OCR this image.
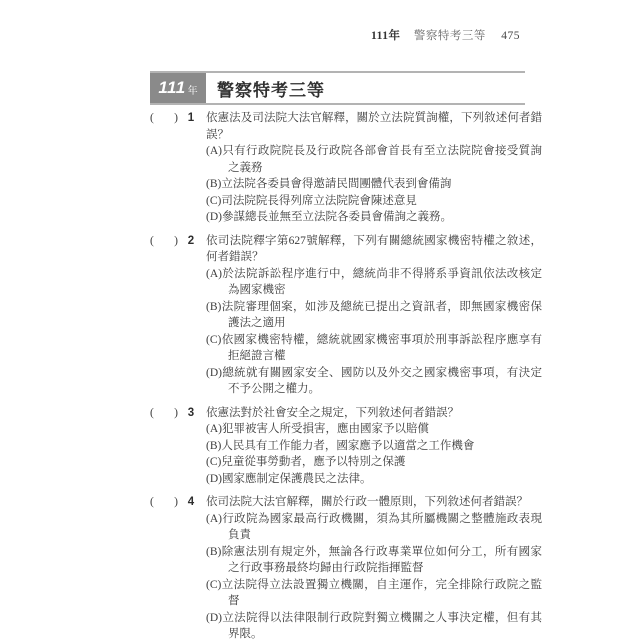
111年 警察特考三等 475
111 年	警察特考三等
( ) 1	依憲法及司法院大法官解釋，關於立法院質詢權，下列敘述何者錯誤？
(A)只有行政院院長及行政院各部會首長有至立法院院會接受質詢之義務
(B)立法院各委員會得邀請民間團體代表到會備詢
(C)司法院院長得列席立法院院會陳述意見
(D)參謀總長並無至立法院各委員會備詢之義務。
( ) 2	依司法院釋字第627號解釋，下列有關總統國家機密特權之敘述，何者錯誤？
(A)於法院訴訟程序進行中，總統尚非不得將系爭資訊依法改核定為國家機密
(B)法院審理個案，如涉及總統已提出之資訊者，即無國家機密保護法之適用
(C)依國家機密特權，總統就國家機密事項於刑事訴訟程序應享有拒絕證言權
(D)總統就有關國家安全、國防以及外交之國家機密事項，有決定不予公開之權力。
( ) 3	依憲法對於社會安全之規定，下列敘述何者錯誤？
(A)犯罪被害人所受損害，應由國家予以賠償
(B)人民具有工作能力者，國家應予以適當之工作機會
(C)兒童從事勞動者，應予以特別之保護
(D)國家應制定保護農民之法律。
( ) 4	依司法院大法官解釋，關於行政一體原則，下列敘述何者錯誤？
(A)行政院為國家最高行政機關，須為其所屬機關之整體施政表現負責
(B)除憲法別有規定外，無論各行政專業單位如何分工，所有國家之行政事務最終均歸由行政院指揮監督
(C)立法院得立法設置獨立機關，自主運作，完全排除行政院之監督
(D)立法院得以法律限制行政院對獨立機關之人事決定權，但有其界限。
